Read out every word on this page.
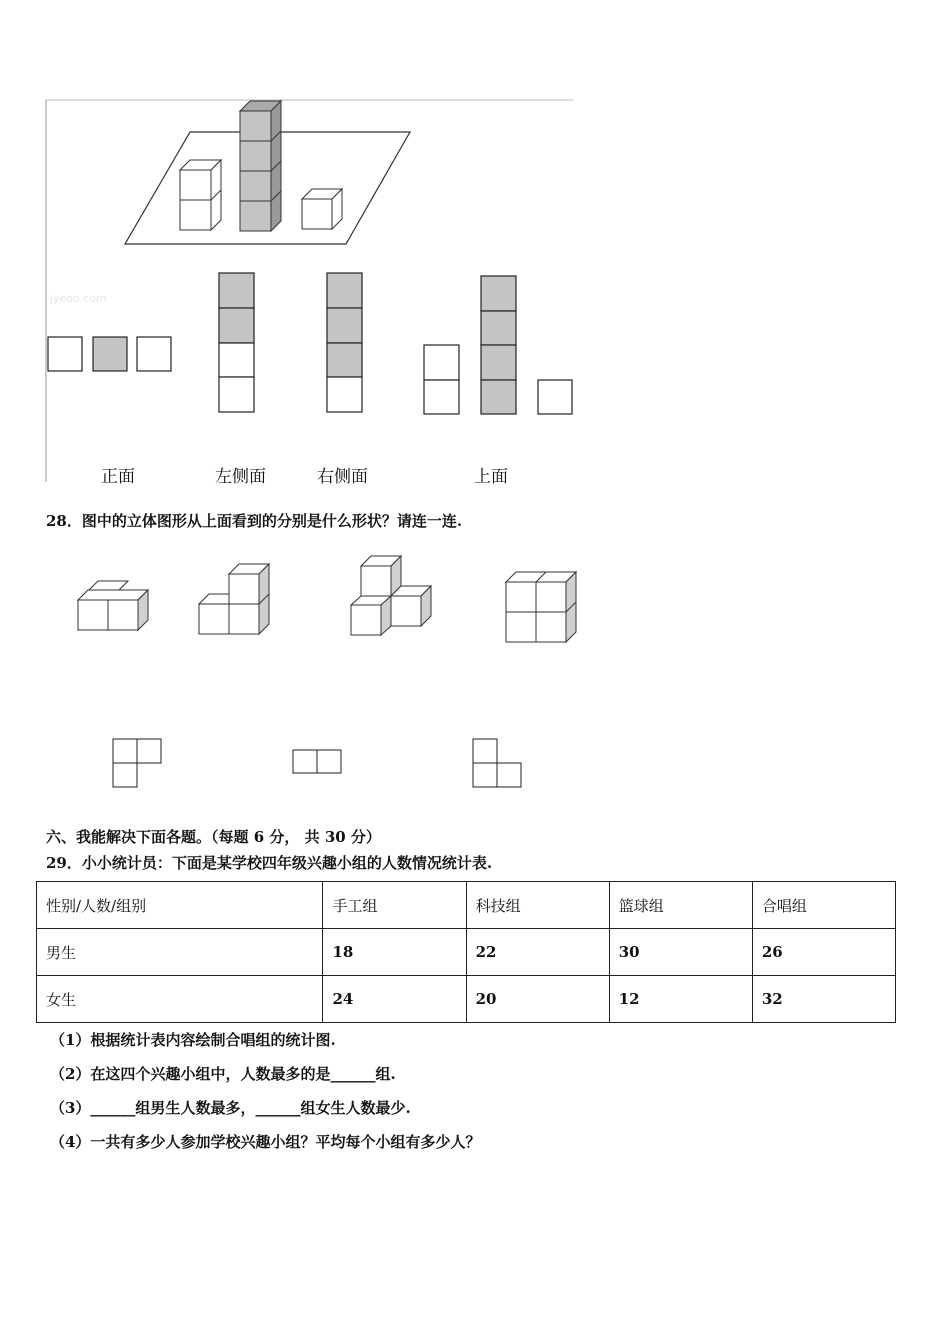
jyeoo.com
正面	左侧面	右侧面	上面
28．图中的立体图形从上面看到的分别是什么形状？请连一连.
六、我能解决下面各题。（每题 6 分， 共 30 分）
29．小小统计员：下面是某学校四年级兴趣小组的人数情况统计表.
性别/人数/组别	手工组	科技组	篮球组	合唱组
男生	18	22	30	26
女生	24	20	12	32
（1）根据统计表内容绘制合唱组的统计图.
（2）在这四个兴趣小组中，人数最多的是______组.
（3）______组男生人数最多，______组女生人数最少.
（4）一共有多少人参加学校兴趣小组？平均每个小组有多少人？
